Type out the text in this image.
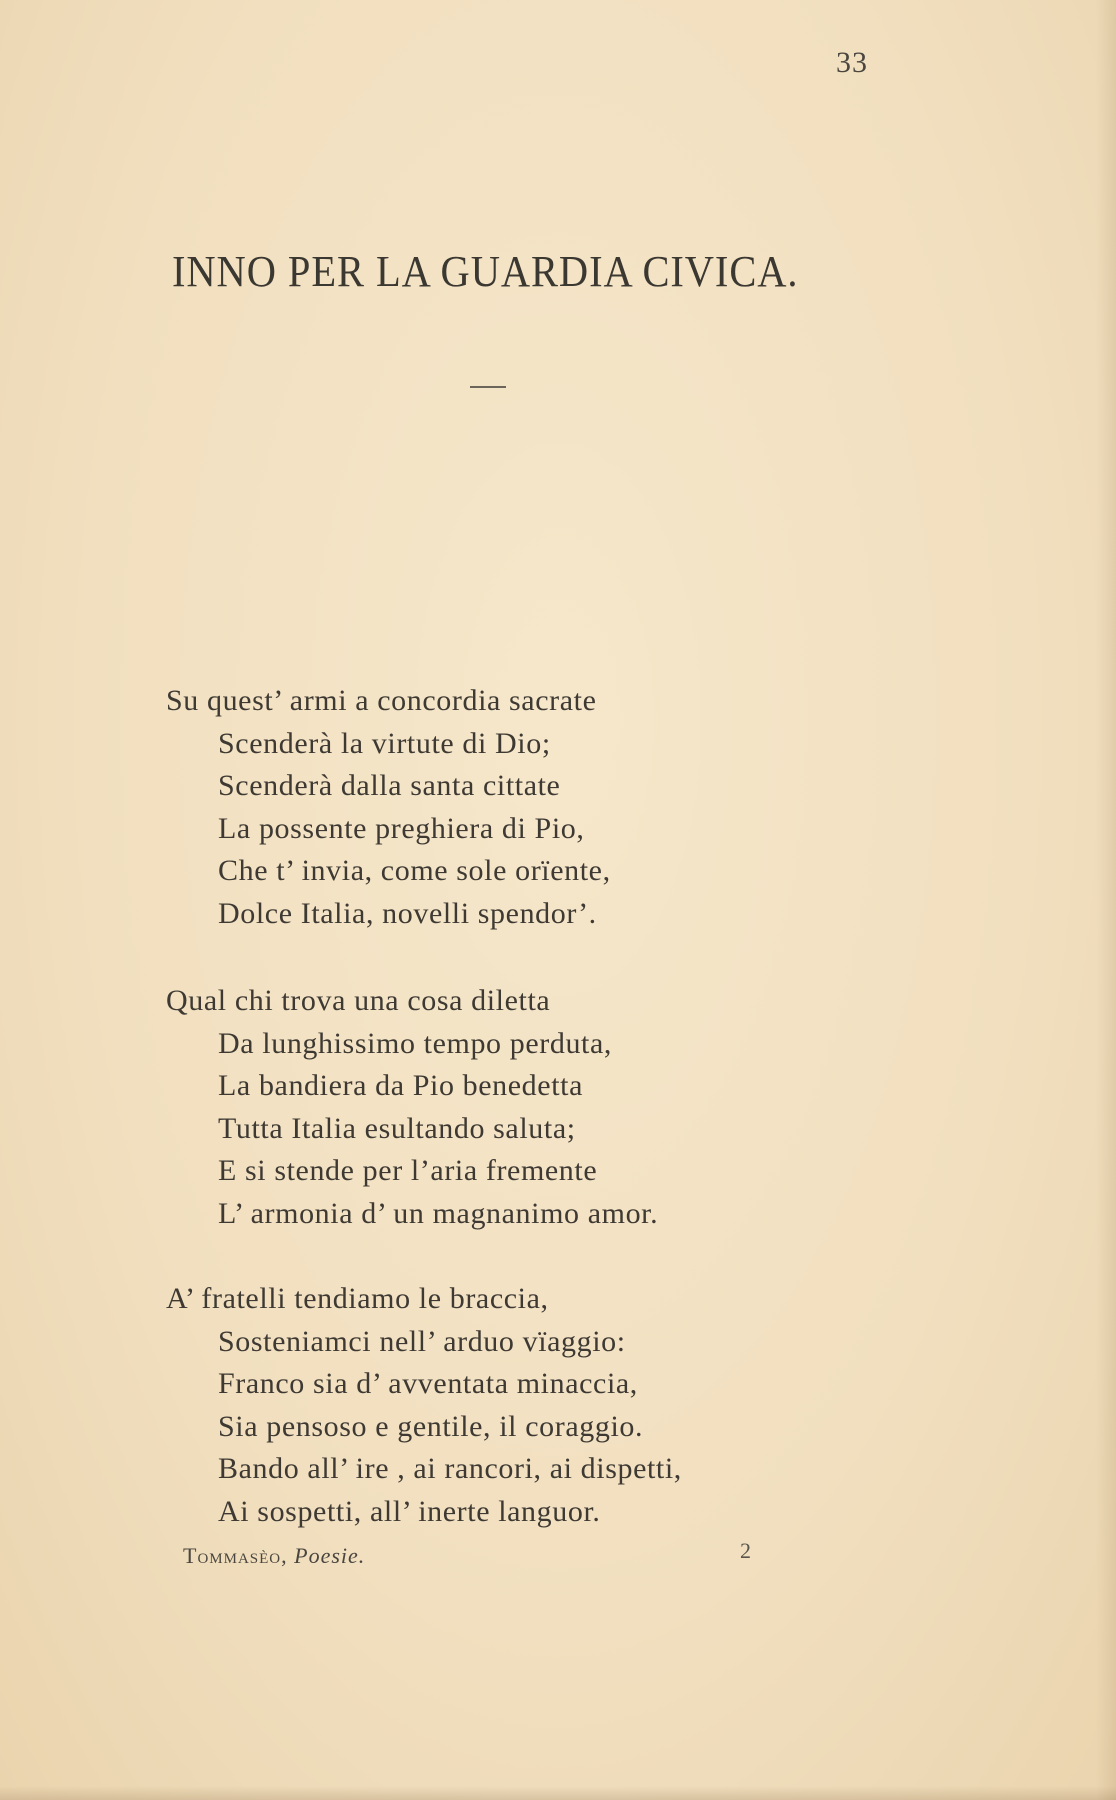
33
INNO PER LA GUARDIA CIVICA.
Su quest’ armi a concordia sacrate
Scenderà la virtute di Dio;
Scenderà dalla santa cittate
La possente preghiera di Pio,
Che t’ invia, come sole orïente,
Dolce Italia, novelli spendor’.
Qual chi trova una cosa diletta
Da lunghissimo tempo perduta,
La bandiera da Pio benedetta
Tutta Italia esultando saluta;
E si stende per l’aria fremente
L’ armonia d’ un magnanimo amor.
A’ fratelli tendiamo le braccia,
Sosteniamci nell’ arduo vïaggio:
Franco sia d’ avventata minaccia,
Sia pensoso e gentile, il coraggio.
Bando all’ ire , ai rancori, ai dispetti,
Ai sospetti, all’ inerte languor.
Tommasèo, Poesie.	2
